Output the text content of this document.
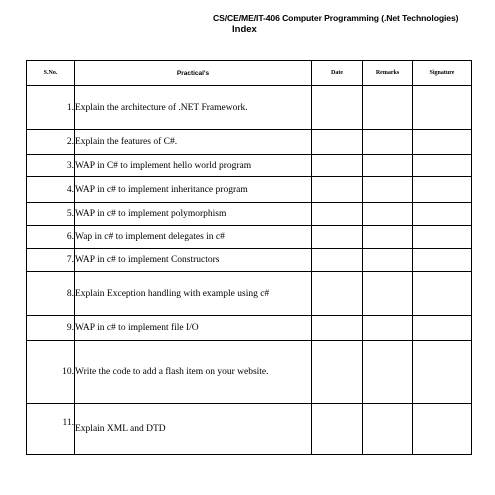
CS/CE/ME/IT-406 Computer Programming (.Net Technologies)
Index
S.No.	Practical's	Date	Remarks	Signature
1.	Explain the architecture of .NET Framework.			
2.	Explain the features of C#.			
3.	WAP in C# to implement hello world program			
4.	WAP in c# to implement inheritance program			
5.	WAP in c# to implement polymorphism			
6.	Wap in c# to implement delegates in c#			
7.	WAP in c# to implement Constructors			
8.	Explain Exception handling with example using c#			
9.	WAP in c# to implement file I/O			
10.	Write the code to add a flash item on your website.			
11.	Explain XML and DTD			
